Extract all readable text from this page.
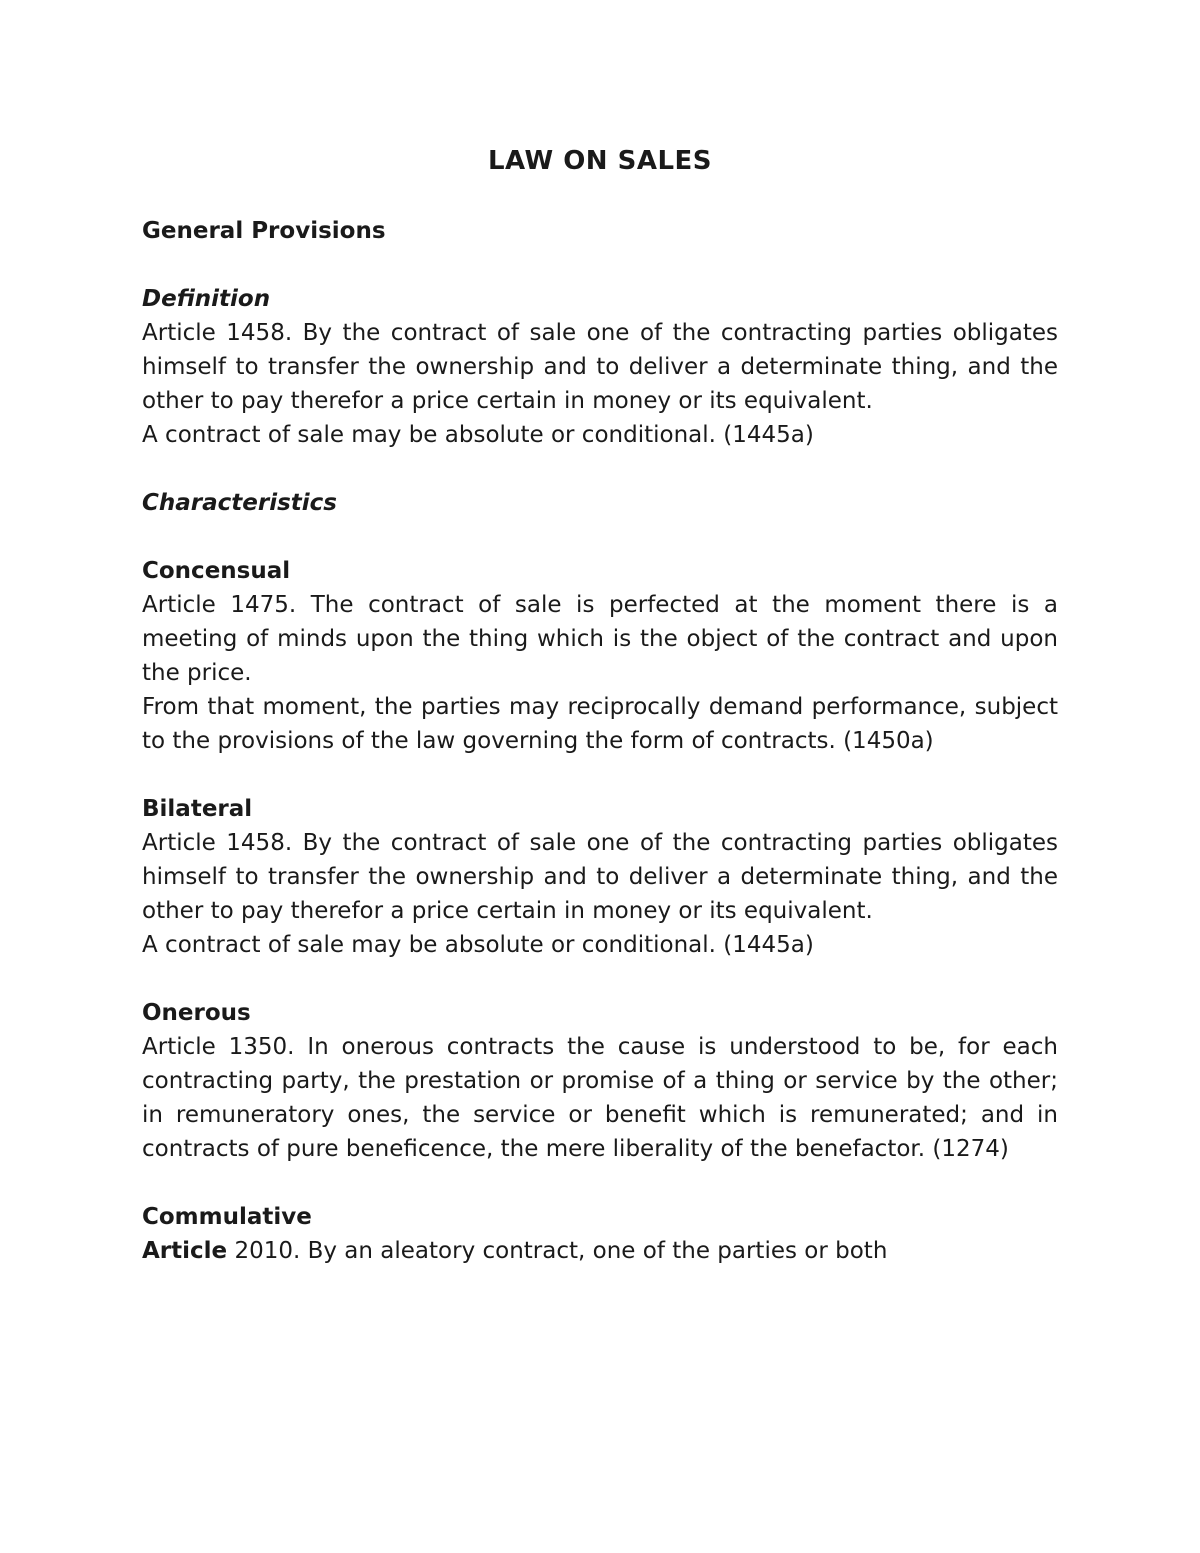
LAW ON SALES

General Provisions

Definition

Article 1458. By the contract of sale one of the contracting parties obligates himself to transfer the ownership and to deliver a determinate thing, and the other to pay therefor a price certain in money or its equivalent.

A contract of sale may be absolute or conditional. (1445a)

Characteristics

Concensual

Article 1475. The contract of sale is perfected at the moment there is a meeting of minds upon the thing which is the object of the contract and upon the price.

From that moment, the parties may reciprocally demand performance, subject to the provisions of the law governing the form of contracts. (1450a)

Bilateral

Article 1458. By the contract of sale one of the contracting parties obligates himself to transfer the ownership and to deliver a determinate thing, and the other to pay therefor a price certain in money or its equivalent.

A contract of sale may be absolute or conditional. (1445a)

Onerous

Article 1350. In onerous contracts the cause is understood to be, for each contracting party, the prestation or promise of a thing or service by the other; in remuneratory ones, the service or benefit which is remunerated; and in contracts of pure beneficence, the mere liberality of the benefactor. (1274)

Commulative

Article 2010. By an aleatory contract, one of the parties or both
